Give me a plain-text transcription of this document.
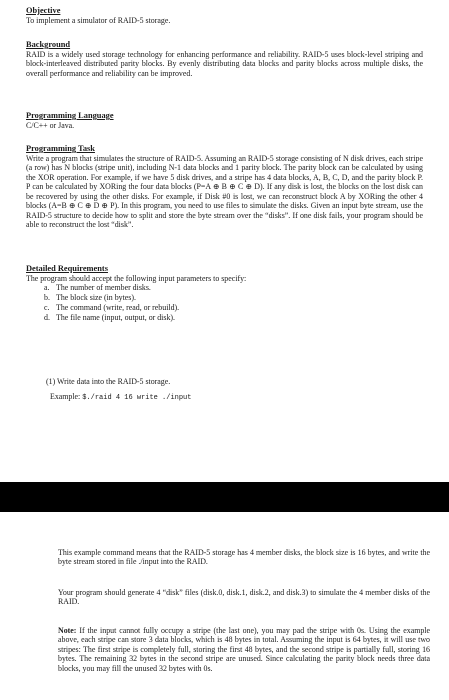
Objective

To implement a simulator of RAID-5 storage.

Background

RAID is a widely used storage technology for enhancing performance and reliability. RAID-5 uses block-level striping and block-interleaved distributed parity blocks. By evenly distributing data blocks and parity blocks across multiple disks, the overall performance and reliability can be improved.

Programming Language

C/C++ or Java.

Programming Task

Write a program that simulates the structure of RAID-5. Assuming an RAID-5 storage consisting of N disk drives, each stripe (a row) has N blocks (stripe unit), including N-1 data blocks and 1 parity block. The parity block can be calculated by using the XOR operation. For example, if we have 5 disk drives, and a stripe has 4 data blocks, A, B, C, D, and the parity block P. P can be calculated by XORing the four data blocks (P=A ⊕ B ⊕ C ⊕ D). If any disk is lost, the blocks on the lost disk can be recovered by using the other disks. For example, if Disk #0 is lost, we can reconstruct block A by XORing the other 4 blocks (A=B ⊕ C ⊕ D ⊕ P). In this program, you need to use files to simulate the disks. Given an input byte stream, use the RAID-5 structure to decide how to split and store the byte stream over the “disks”. If one disk fails, your program should be able to reconstruct the lost “disk”.

Detailed Requirements

The program should accept the following input parameters to specify:

a. The number of member disks.
b. The block size (in bytes).
c. The command (write, read, or rebuild).
d. The file name (input, output, or disk).

(1) Write data into the RAID-5 storage.

Example: $./raid 4 16 write ./input

This example command means that the RAID-5 storage has 4 member disks, the block size is 16 bytes, and write the byte stream stored in file ./input into the RAID.

Your program should generate 4 “disk” files (disk.0, disk.1, disk.2, and disk.3) to simulate the 4 member disks of the RAID.

Note: If the input cannot fully occupy a stripe (the last one), you may pad the stripe with 0s. Using the example above, each stripe can store 3 data blocks, which is 48 bytes in total. Assuming the input is 64 bytes, it will use two stripes: The first stripe is completely full, storing the first 48 bytes, and the second stripe is partially full, storing 16 bytes. The remaining 32 bytes in the second stripe are unused. Since calculating the parity block needs three data blocks, you may fill the unused 32 bytes with 0s.
